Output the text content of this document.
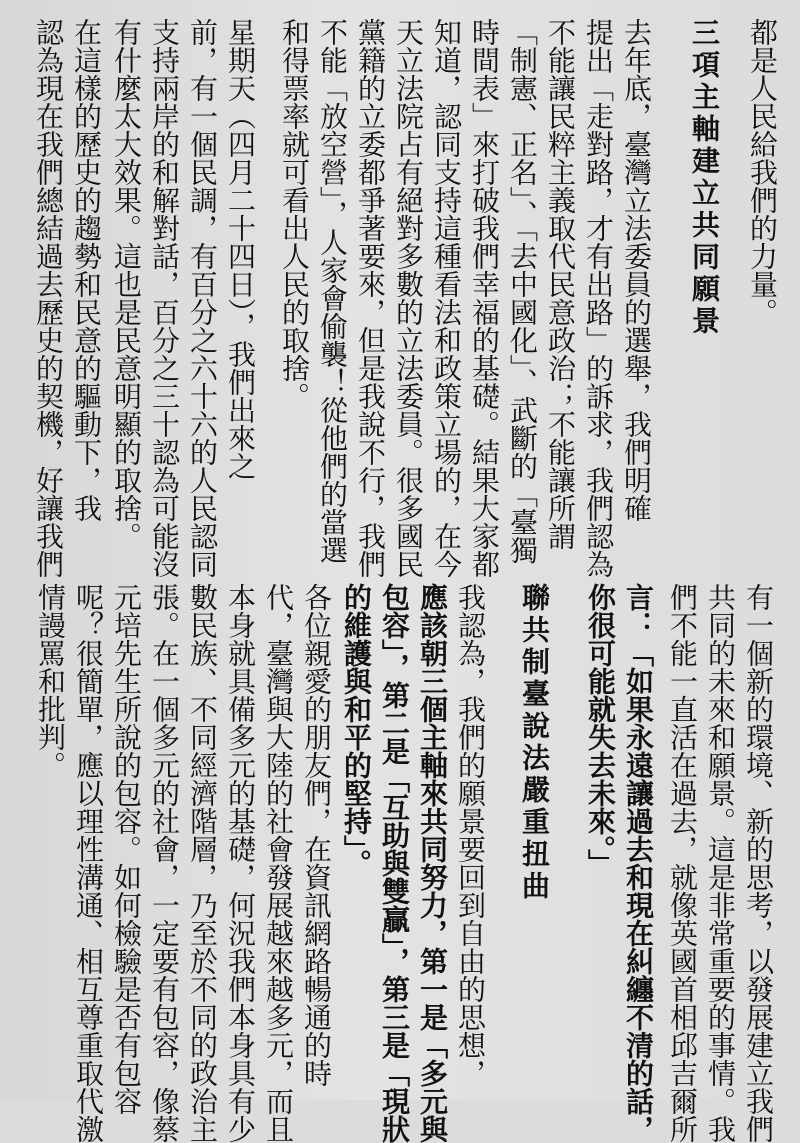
都是人民給我們的力量。
三項主軸建立共同願景
去年底，臺灣立法委員的選舉，我們明確
提出「走對路，才有出路」的訴求，我們認為
不能讓民粹主義取代民意政治；不能讓所謂
「制憲、正名」、「去中國化」、武斷的「臺獨
時間表」來打破我們幸福的基礎。結果大家都
知道，認同支持這種看法和政策立場的，在今
天立法院占有絕對多數的立法委員。很多國民
黨籍的立委都爭著要來，但是我說不行，我們
不能「放空營」，人家會偷襲！從他們的當選
和得票率就可看出人民的取捨。
星期天（四月二十四日），我們出來之
前，有一個民調，有百分之六十六的人民認同
支持兩岸的和解對話，百分之三十認為可能沒
有什麼太大效果。這也是民意明顯的取捨。
在這樣的歷史的趨勢和民意的驅動下，我
認為現在我們總結過去歷史的契機，好讓我們
有一個新的環境、新的思考，以發展建立我們
共同的未來和願景。這是非常重要的事情。我
們不能一直活在過去，就像英國首相邱吉爾所
言：「如果永遠讓過去和現在糾纏不清的話，
你很可能就失去未來。」
聯共制臺說法嚴重扭曲
我認為，我們的願景要回到自由的思想，
應該朝三個主軸來共同努力，第一是「多元與
包容」，第二是「互助與雙贏」，第三是「現狀
的維護與和平的堅持」。
各位親愛的朋友們，在資訊網路暢通的時
代，臺灣與大陸的社會發展越來越多元，而且
本身就具備多元的基礎，何況我們本身具有少
數民族、不同經濟階層，乃至於不同的政治主
張。在一個多元的社會，一定要有包容，像蔡
元培先生所說的包容。如何檢驗是否有包容
呢？很簡單，應以理性溝通、相互尊重取代激
情謾罵和批判。
